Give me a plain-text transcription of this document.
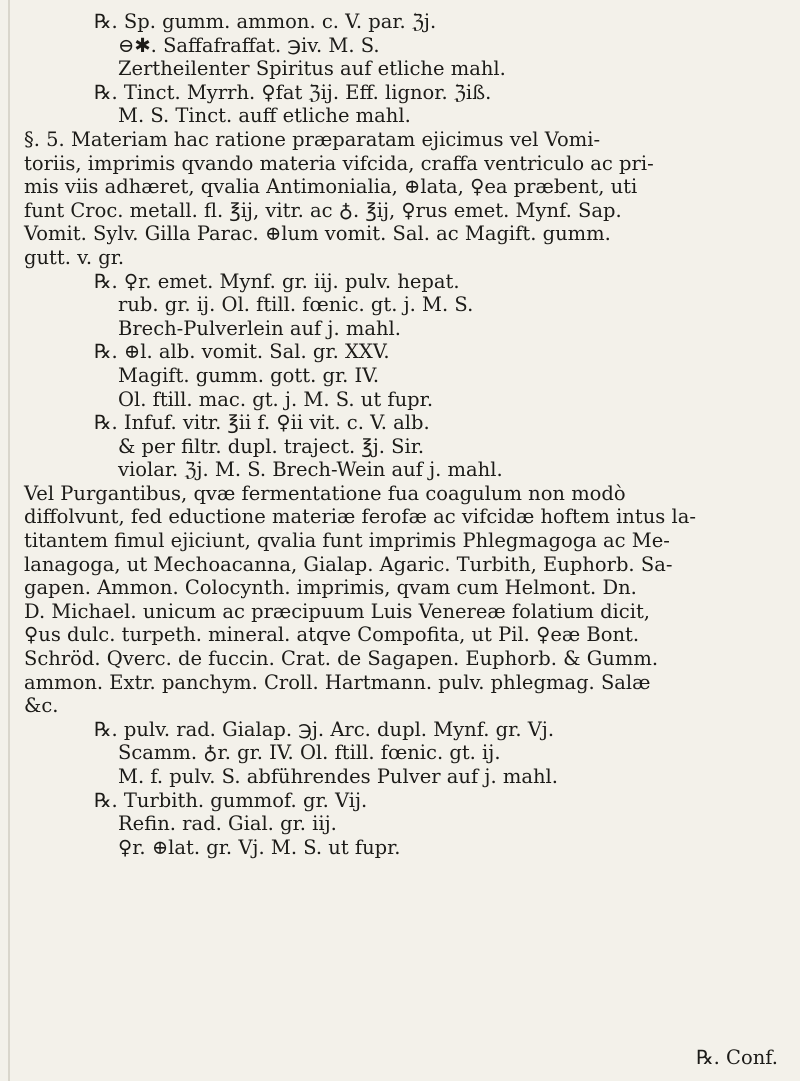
℞. Sp. gumm. ammon. c. V. par. ℨj.
⊖✱. Saffafraffat. ℈iv. M. S.
Zertheilenter Spiritus auf etliche mahl.
℞. Tinct. Myrrh. ♀fat ℨij. Eff. lignor. ℨiß.
M. S. Tinct. auff etliche mahl.
§. 5. Materiam hac ratione præparatam ejicimus vel Vomi-
toriis, imprimis qvando materia vifcida, craffa ventriculo ac pri-
mis viis adhæret, qvalia Antimonialia, ⊕lata, ♀ea præbent, uti
funt Croc. metall. fl. ℥ij, vitr. ac ♁. ℥ij, ♀rus emet. Mynf. Sap.
Vomit. Sylv. Gilla Parac. ⊕lum vomit. Sal. ac Magift. gumm.
gutt. v. gr.
℞. ♀r. emet. Mynf. gr. iij. pulv. hepat.
rub. gr. ij. Ol. ftill. fœnic. gt. j. M. S.
Brech-Pulverlein auf j. mahl.
℞. ⊕l. alb. vomit. Sal. gr. XXV.
Magift. gumm. gott. gr. IV.
Ol. ftill. mac. gt. j. M. S. ut fupr.
℞. Infuf. vitr. ℥ii f. ♀ii vit. c. V. alb.
& per filtr. dupl. traject. ℥j. Sir.
violar. ℨj. M. S. Brech-Wein auf j. mahl.
Vel Purgantibus, qvæ fermentatione fua coagulum non modò
diffolvunt, fed eductione materiæ ferofæ ac vifcidæ hoftem intus la-
titantem fimul ejiciunt, qvalia funt imprimis Phlegmagoga ac Me-
lanagoga, ut Mechoacanna, Gialap. Agaric. Turbith, Euphorb. Sa-
gapen. Ammon. Colocynth. imprimis, qvam cum Helmont. Dn.
D. Michael. unicum ac præcipuum Luis Venereæ folatium dicit,
♀us dulc. turpeth. mineral. atqve Compofita, ut Pil. ♀eæ Bont.
Schröd. Qverc. de fuccin. Crat. de Sagapen. Euphorb. & Gumm.
ammon. Extr. panchym. Croll. Hartmann. pulv. phlegmag. Salæ
&c.
℞. pulv. rad. Gialap. ℈j. Arc. dupl. Mynf. gr. Vj.
Scamm. ♁r. gr. IV. Ol. ftill. fœnic. gt. ij.
M. f. pulv. S. abführendes Pulver auf j. mahl.
℞. Turbith. gummof. gr. Vij.
Refin. rad. Gial. gr. iij.
♀r. ⊕lat. gr. Vj. M. S. ut fupr.
℞. Conf.
